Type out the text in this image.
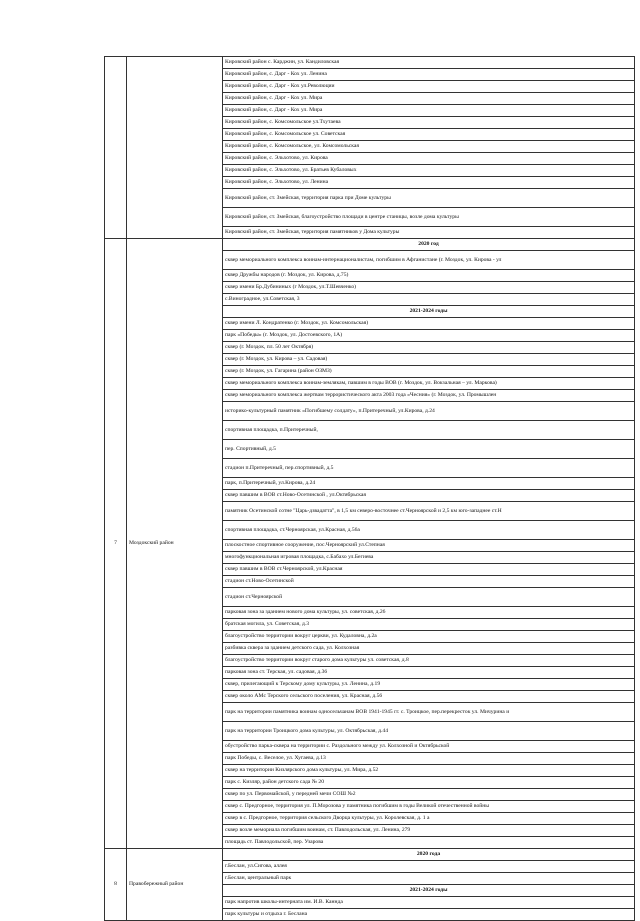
		Кировский район с. Карджин, ул. Кандиловская
		Кировский район, с. Дарг - Кох ул. Ленина
		Кировский район, с. Дарг - Кох ул.Революции
		Кировский район, с. Дарг - Кох ул. Мира
		Кировский район, с. Дарг - Кох ул. Мира
		Кировский район, с. Комсомольское ул.Тхутаева
		Кировский район, с. Комсомольское ул. Советская
		Кировский район, с. Комсомольское, ул. Комсомольская
		Кировский район, с. Эльхотово, ул. Кирова
		Кировский район, с. Эльхотово, ул. Братьев Кубаловых
		Кировский район, с. Эльхотово, ул. Ленина
		Кировский район, ст. Змейская, территория парка при Доме культуры
		Кировский район, ст. Змейская, благоустройство площади в центре станицы, возле дома культуры
		Кировский район, ст. Змейская, территория памятников у Дома культуры
7	Моздокский район	2020 год
		сквер мемориального комплекса воинам-интернационалистам, погибшим в Афганистане (г. Моздок, ул. Кирова - ул
		сквер Дружбы народов (г. Моздок, ул. Кирова, д.75)
		сквер имени Бр.Дубининых (г Моздок, ул.Т.Шевченко)
		с.Виноградное, ул.Советская, 3
		2021-2024 годы
		сквер имени Л. Кондратенко (г. Моздок, ул. Комсомольская)
		парк «Победы» (г. Моздок, ул. Достоевского, 1А)
		сквер (г. Моздок, пл. 50 лет Октября)
		сквер (г. Моздок, ул. Кирова – ул. Садовая)
		сквер (г. Моздок, ул. Гагарина (район ОЗМЗ)
		сквер мемориального комплекса воинам-землякам, павшим в годы ВОВ (г. Моздок, ул. Вокзальная – ул. Маркова)
		сквер мемориального комплекса жертвам террористического акта 2003 года «Чесния» (г. Моздок, ул. Промышлен
		историко-культурный памятник «Погибшему солдату», п.Притеречный, ул.Кирова, д.24
		спортивная площадка, п.Притеречный,
		пер. Спортивный, д.5
		стадион п.Притеречный, пер.спортивный, д.5
		парк, п.Притеречный, ул.Кирова, д.24
		сквер павшим в ВОВ ст.Ново-Осетинской , ул.Октябрьская
		памятник Осетинской сотне "Царь-дзвадатта", в 1,5 км северо-восточнее ст.Черноярской и 2,5 км юго-западнее ст.Н
		спортивная площадка, ст.Черноярская, ул.Красная, д.56а
		плоскостное спортивное сооружение, пос.Черноярский ул.Степная
		многофункциональная игровая площадка, с.Бабахо ул.Бегиева
		сквер павшим в ВОВ ст.Черноярской, ул.Красная
		стадион ст.Ново-Осетинской
		стадион ст.Черноярской
		парковая зона за зданием нового дома культуры, ул. советская, д.26
		братская могила, ул. Советская, д.3
		благоустройство территории вокруг церкви, ул. Кудаловна, д.2а
		разбивка сквера за зданием детского сада, ул. Колхозная
		благоустройство территории вокруг старого дома культуры ул. советская, д.8
		парковая зона ст. Терская, ул. садовая, д.36
		сквер, прилегающий к Терскому дому культуры, ул. Ленина, д.19
		сквер около АМс Терского сельского поселения, ул. Красная, д.56
		парк на территории памятника воинам односельчанам ВОВ 1941-1945 гг. с. Троицкое, пер.перекресток ул. Мичурина и
		парк на территории Троицкого дома культуры, ул. Октябрьская, д.44
		обустройство парка-сквера на территории с. Раздольного между ул. Колхозной и Октябрьской
		парк Победы, с. Веселое, ул. Хугаева, д.13
		сквер на территории Кизлярского дома культуры, ул. Мира, д.52
		парк с. Кизляр, район детского сада № 20
		сквер по ул. Первомайской, у передней мечи СОШ №2
		сквер с. Предгорное, территория ул. П.Морозова у памятника погибшим в годы Великой отечественной войны
		сквер в с. Предгорное, территория сельского Дворца культуры, ул. Королевская, д. 1 а
		сквер возле мемориала погибшим воинам, ст. Павлодольская, ул. Ленина, 279
		площадь ст. Павлодольской, пер. Узарова
8	Правобережный район	2020 года
		г.Беслан, ул.Сигова, аллея
		г.Беслан, центральный парк
		2021-2024 годы
		парк напротив школы-интерната им. И.В. Каннда
		парк культуры и отдыха г. Беслана
